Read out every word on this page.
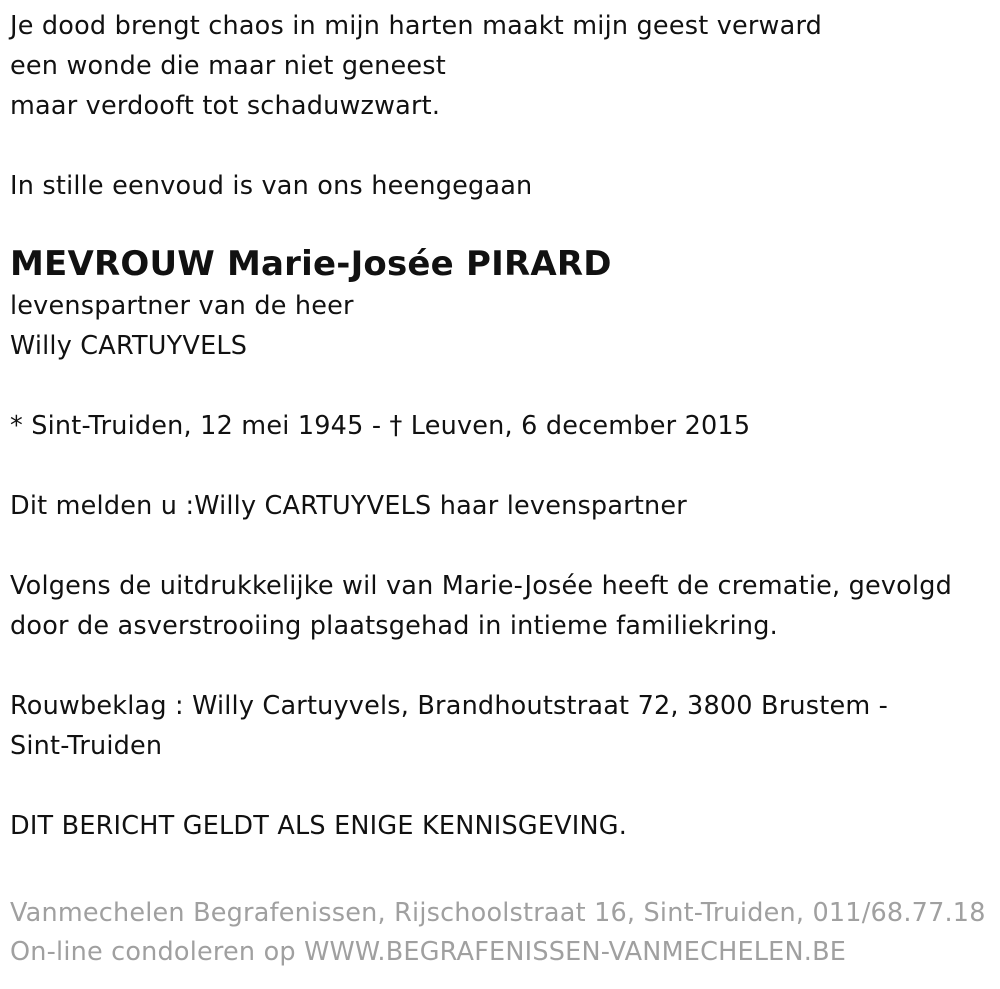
Je dood brengt chaos in mijn harten maakt mijn geest verward
een wonde die maar niet geneest
maar verdooft tot schaduwzwart.
In stille eenvoud is van ons heengegaan
MEVROUW Marie-Josée PIRARD
levenspartner van de heer
Willy CARTUYVELS
* Sint-Truiden, 12 mei 1945 - † Leuven, 6 december 2015
Dit melden u :Willy CARTUYVELS haar levenspartner
Volgens de uitdrukkelijke wil van Marie-Josée heeft de crematie, gevolgd
door de asverstrooiing plaatsgehad in intieme familiekring.
Rouwbeklag : Willy Cartuyvels, Brandhoutstraat 72, 3800 Brustem -
Sint-Truiden
DIT BERICHT GELDT ALS ENIGE KENNISGEVING.
Vanmechelen Begrafenissen, Rijschoolstraat 16, Sint-Truiden, 011/68.77.18
On-line condoleren op WWW.BEGRAFENISSEN-VANMECHELEN.BE
